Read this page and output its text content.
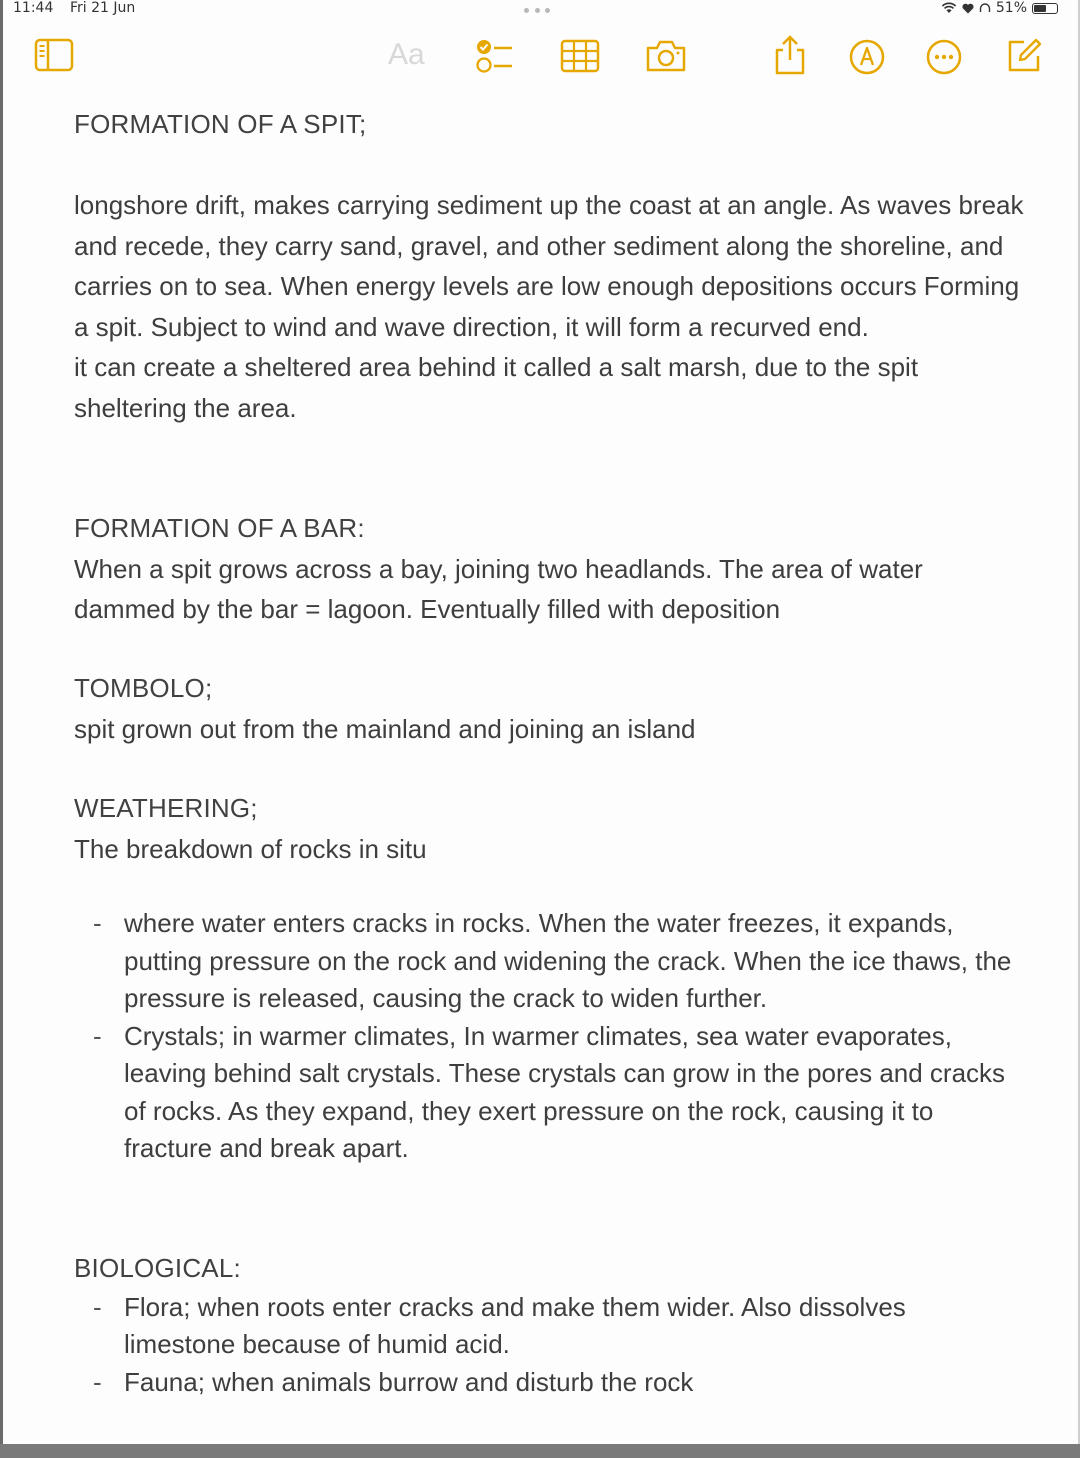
11:44 Fri 21 Jun	51%
Aa

FORMATION OF A SPIT;

longshore drift, makes carrying sediment up the coast at an angle. As waves break and recede, they carry sand, gravel, and other sediment along the shoreline, and carries on to sea. When energy levels are low enough depositions occurs Forming a spit. Subject to wind and wave direction, it will form a recurved end.

it can create a sheltered area behind it called a salt marsh, due to the spit sheltering the area.

FORMATION OF A BAR:

When a spit grows across a bay, joining two headlands. The area of water dammed by the bar = lagoon. Eventually filled with deposition

TOMBOLO;

spit grown out from the mainland and joining an island

WEATHERING;

The breakdown of rocks in situ

- where water enters cracks in rocks. When the water freezes, it expands, putting pressure on the rock and widening the crack. When the ice thaws, the pressure is released, causing the crack to widen further.
- Crystals; in warmer climates, In warmer climates, sea water evaporates, leaving behind salt crystals. These crystals can grow in the pores and cracks of rocks. As they expand, they exert pressure on the rock, causing it to fracture and break apart.

BIOLOGICAL:

- Flora; when roots enter cracks and make them wider. Also dissolves limestone because of humid acid.
- Fauna; when animals burrow and disturb the rock
